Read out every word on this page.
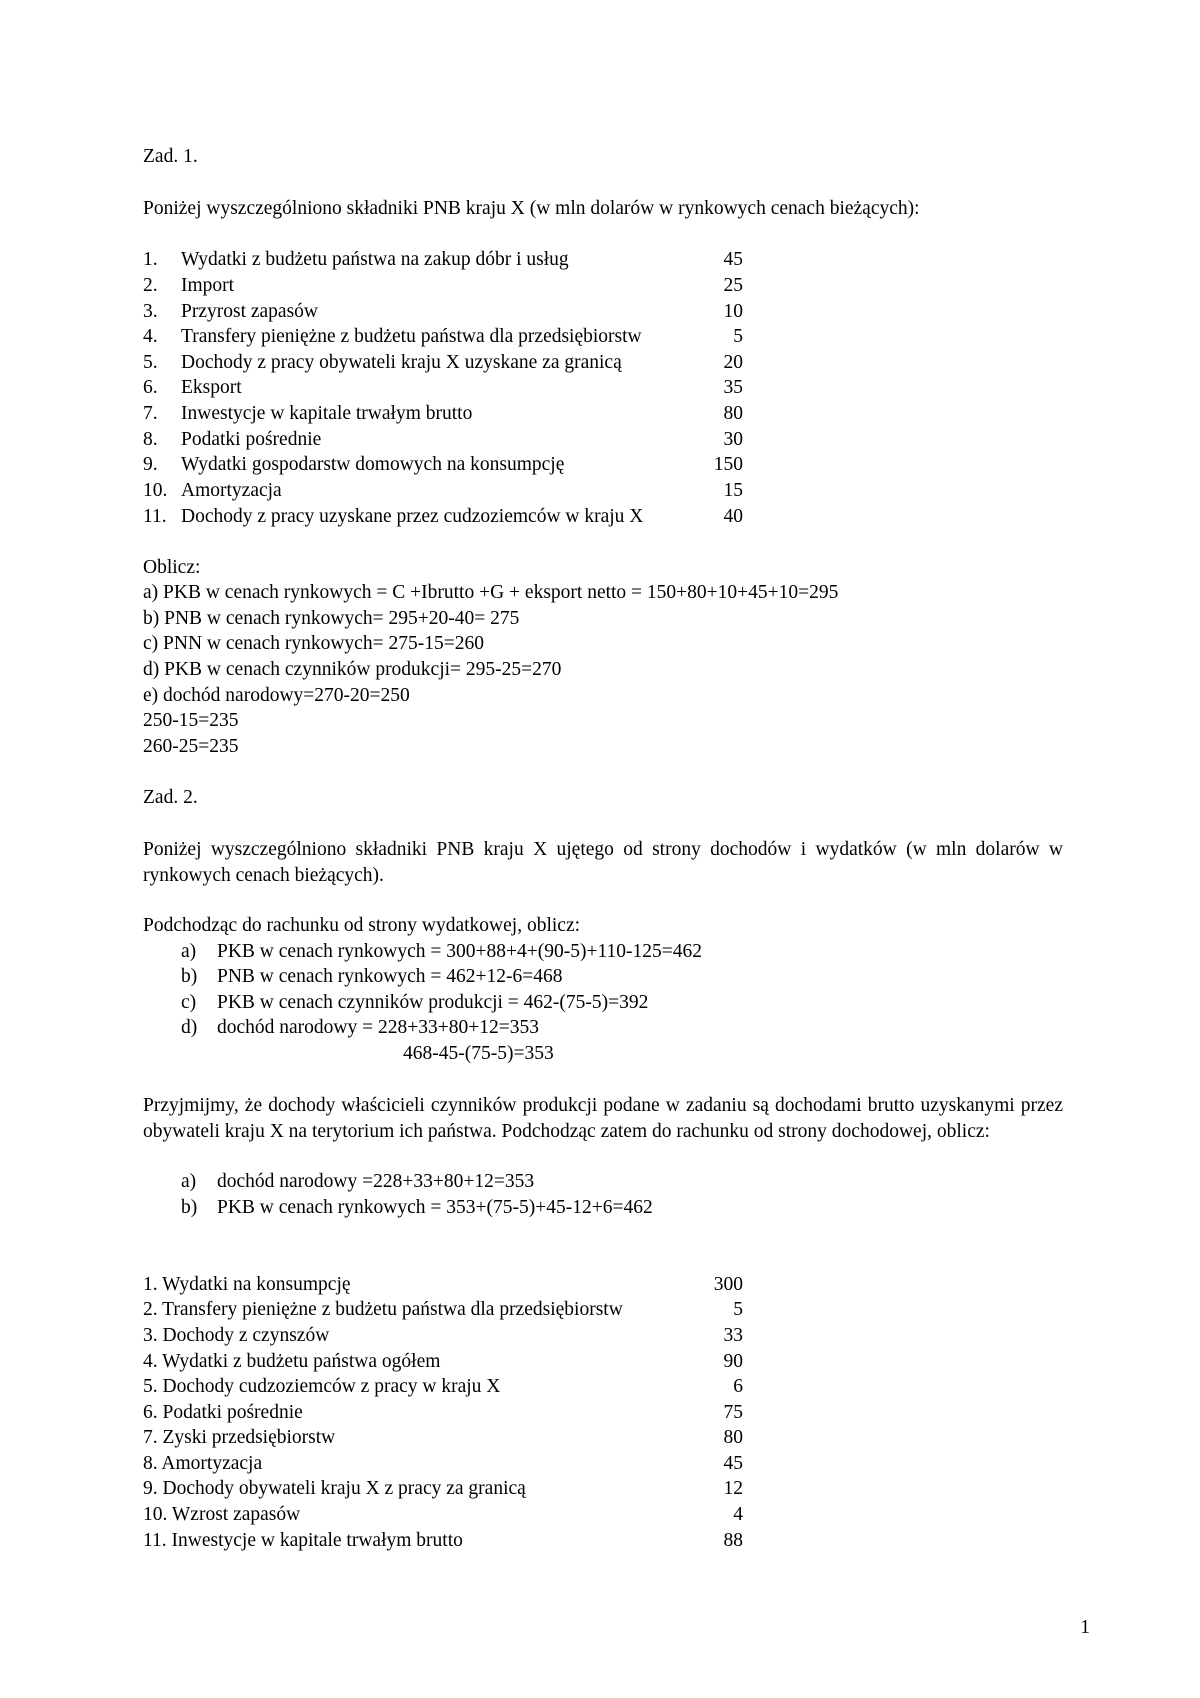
Zad. 1.
Poniżej wyszczególniono składniki PNB kraju X (w mln dolarów w rynkowych cenach bieżących):
1. Wydatki z budżetu państwa na zakup dóbr i usług	45
2. Import	25
3. Przyrost zapasów	10
4. Transfery pieniężne z budżetu państwa dla przedsiębiorstw	5
5. Dochody z pracy obywateli kraju X uzyskane za granicą	20
6. Eksport	35
7. Inwestycje w kapitale trwałym brutto	80
8. Podatki pośrednie	30
9. Wydatki gospodarstw domowych na konsumpcję	150
10. Amortyzacja	15
11. Dochody z pracy uzyskane przez cudzoziemców w kraju X	40
Oblicz:
a) PKB w cenach rynkowych = C +Ibrutto +G + eksport netto = 150+80+10+45+10=295
b) PNB w cenach rynkowych= 295+20-40= 275
c) PNN w cenach rynkowych= 275-15=260
d) PKB w cenach czynników produkcji= 295-25=270
e) dochód narodowy=270-20=250
250-15=235
260-25=235
Zad. 2.

Poniżej wyszczególniono składniki PNB kraju X ujętego od strony dochodów i wydatków (w mln dolarów w rynkowych cenach bieżących).

Podchodząc do rachunku od strony wydatkowej, oblicz:
a) PKB w cenach rynkowych = 300+88+4+(90-5)+110-125=462
b) PNB w cenach rynkowych = 462+12-6=468
c) PKB w cenach czynników produkcji = 462-(75-5)=392
d) dochód narodowy = 228+33+80+12=353
468-45-(75-5)=353

Przyjmijmy, że dochody właścicieli czynników produkcji podane w zadaniu są dochodami brutto uzyskanymi przez obywateli kraju X na terytorium ich państwa. Podchodząc zatem do rachunku od strony dochodowej, oblicz:

a) dochód narodowy =228+33+80+12=353
b) PKB w cenach rynkowych = 353+(75-5)+45-12+6=462
1. Wydatki na konsumpcję	300
2. Transfery pieniężne z budżetu państwa dla przedsiębiorstw	5
3. Dochody z czynszów	33
4. Wydatki z budżetu państwa ogółem	90
5. Dochody cudzoziemców z pracy w kraju X	6
6. Podatki pośrednie	75
7. Zyski przedsiębiorstw	80
8. Amortyzacja	45
9. Dochody obywateli kraju X z pracy za granicą	12
10. Wzrost zapasów	4
11. Inwestycje w kapitale trwałym brutto	88
1
